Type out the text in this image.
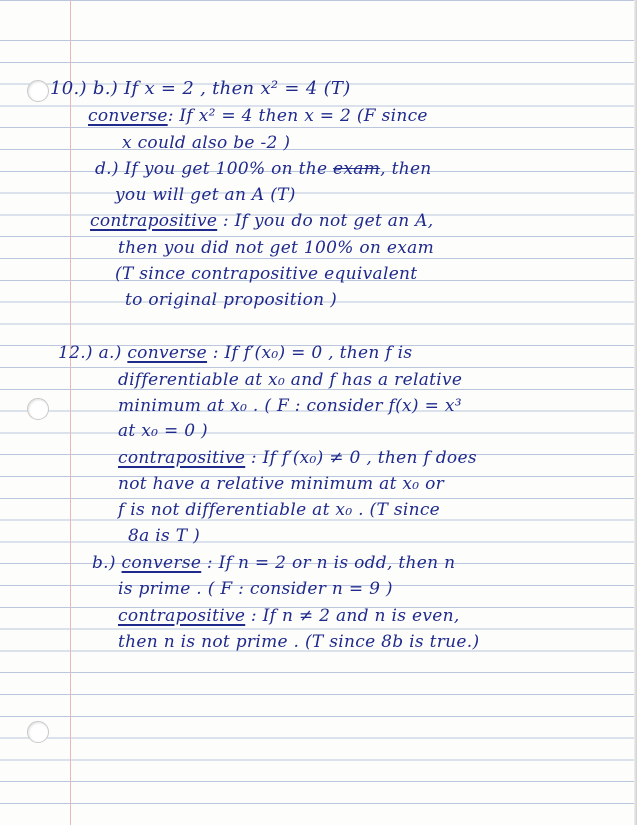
10.) b.) If x = 2 , then x² = 4 (T)
converse: If x² = 4 then x = 2 (F since
x could also be -2 )
d.) If you get 100% on the exam, then
you will get an A (T)
contrapositive : If you do not get an A,
then you did not get 100% on exam
(T since contrapositive equivalent
to original proposition )
12.) a.) converse : If f′(x₀) = 0 , then f is
differentiable at x₀ and f has a relative
minimum at x₀ . ( F : consider f(x) = x³
at x₀ = 0 )
contrapositive : If f′(x₀) ≠ 0 , then f does
not have a relative minimum at x₀ or
f is not differentiable at x₀ . (T since
8a is T )
b.) converse : If n = 2 or n is odd, then n
is prime . ( F : consider n = 9 )
contrapositive : If n ≠ 2 and n is even,
then n is not prime . (T since 8b is true.)
